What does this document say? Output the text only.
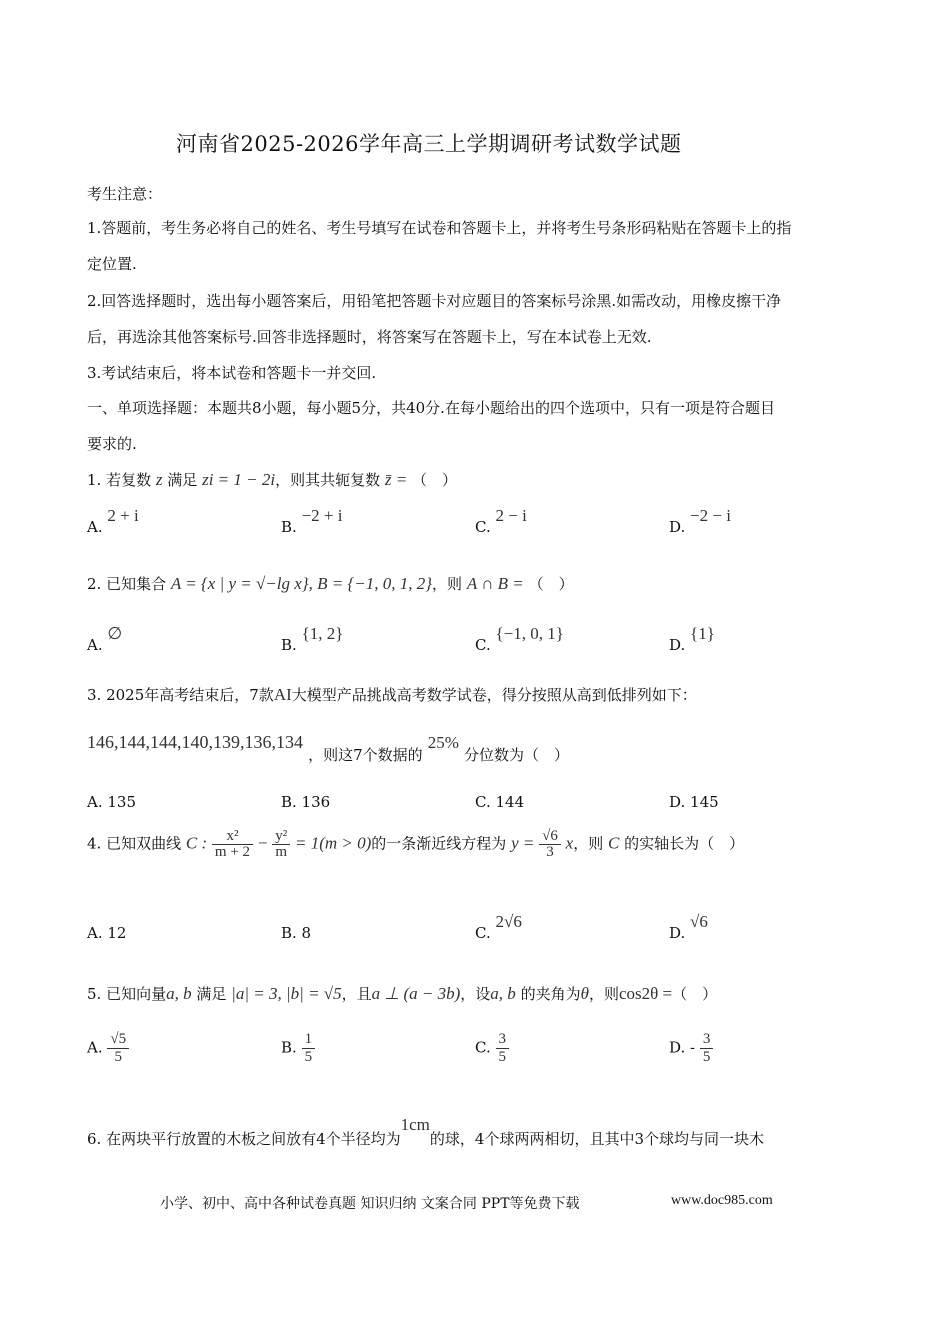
河南省2025-2026学年高三上学期调研考试数学试题
考生注意：
1.答题前，考生务必将自己的姓名、考生号填写在试卷和答题卡上，并将考生号条形码粘贴在答题卡上的指
定位置.
2.回答选择题时，选出每小题答案后，用铅笔把答题卡对应题目的答案标号涂黑.如需改动，用橡皮擦干净
后，再选涂其他答案标号.回答非选择题时，将答案写在答题卡上，写在本试卷上无效.
3.考试结束后，将本试卷和答题卡一并交回.
一、单项选择题：本题共8小题，每小题5分，共40分.在每小题给出的四个选项中，只有一项是符合题目
要求的.
1. 若复数 z 满足 zi = 1 − 2i，则其共轭复数 z̄ = （　）
A. 2 + i
B. −2 + i
C. 2 − i
D. −2 − i
2. 已知集合 A = {x | y = √−lg x}, B = {−1, 0, 1, 2}，则 A ∩ B = （　）
A. ∅
B. {1, 2}
C. {−1, 0, 1}
D. {1}
3. 2025年高考结束后，7款AI大模型产品挑战高考数学试卷，得分按照从高到低排列如下：
146,144,144,140,139,136,134 ，则这7个数据的 25% 分位数为（　）
A. 135	B. 136	C. 144	D. 145
4. 已知双曲线 C : $\frac{\text{x²}}{m + 2} - \frac{\text{y²}}{m} = 1(m > 0)$的一条渐近线方程为 $y = \frac{√6}{3}$ x，则 C 的实轴长为（　）
A. 12	B. 8	C. 2√6
D. √6
5. 已知向量a, b 满足 |a| = 3, |b| = √5，且a ⊥ (a − 3b)，设a, b 的夹角为θ，则cos2θ =（　）
A. $\frac{√5}{5}$	B. $\frac{1}{5}$	C. $\frac{3}{5}$	D. - $\frac{3}{5}$
6. 在两块平行放置的木板之间放有4个半径均为1cm的球，4个球两两相切，且其中3个球均与同一块木
小学、初中、高中各种试卷真题 知识归纳 文案合同 PPT等免费下载	www.doc985.com
